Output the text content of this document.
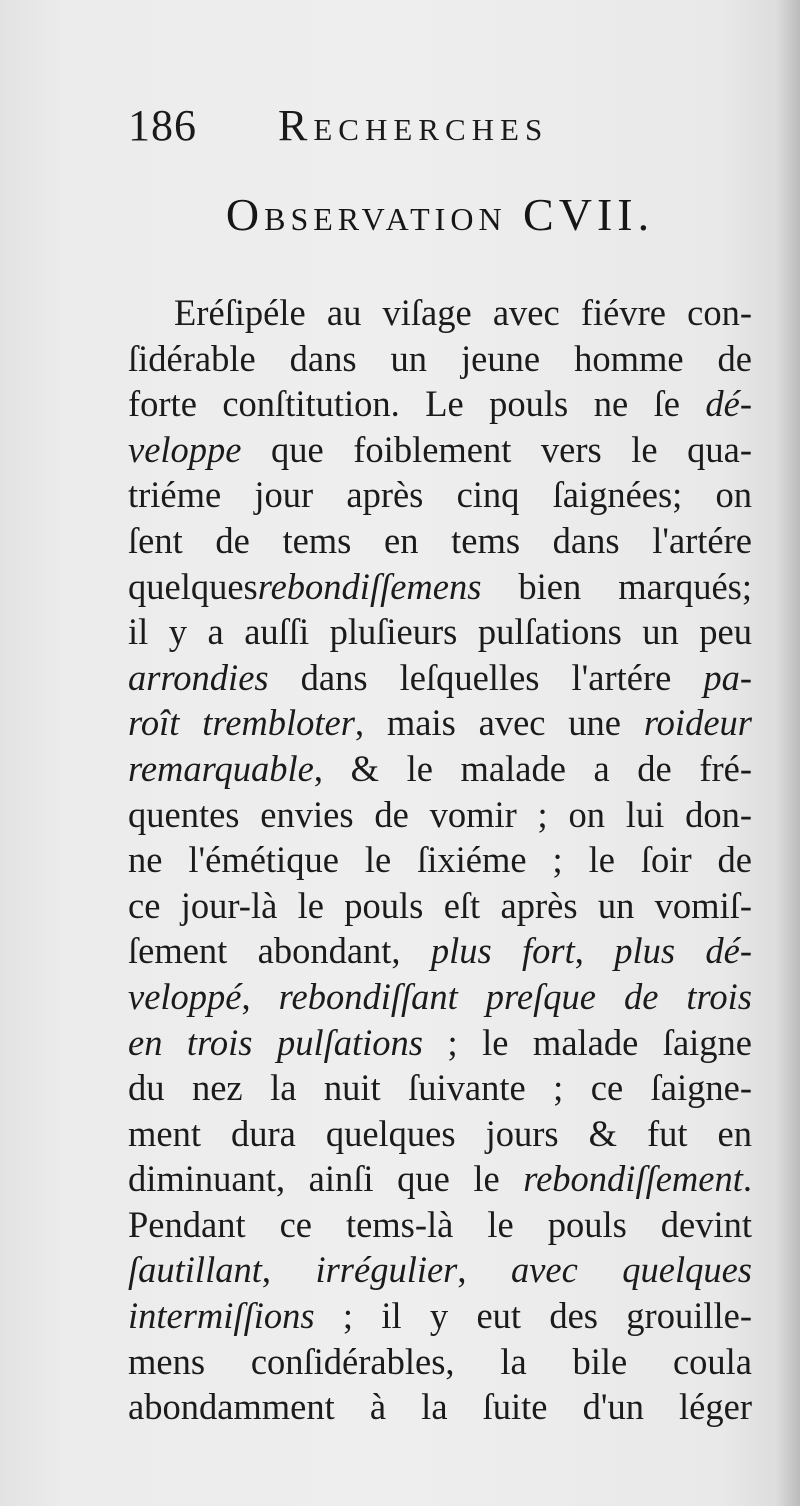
186 Recherches
Observation CVII.
Eréſipéle au viſage avec fiévre con-
ſidérable dans un jeune homme de
forte conſtitution. Le pouls ne ſe dé-
veloppe que foiblement vers le qua-
triéme jour après cinq ſaignées; on
ſent de tems en tems dans l'artére
quelquesrebondiſſemens bien marqués;
il y a auſſi pluſieurs pulſations un peu
arrondies dans leſquelles l'artére pa-
roît trembloter, mais avec une roideur
remarquable, & le malade a de fré-
quentes envies de vomir ; on lui don-
ne l'émétique le ſixiéme ; le ſoir de
ce jour-là le pouls eſt après un vomiſ-
ſement abondant, plus fort, plus dé-
veloppé, rebondiſſant preſque de trois
en trois pulſations ; le malade ſaigne
du nez la nuit ſuivante ; ce ſaigne-
ment dura quelques jours & fut en
diminuant, ainſi que le rebondiſſement.
Pendant ce tems-là le pouls devint
ſautillant, irrégulier, avec quelques
intermiſſions ; il y eut des grouille-
mens conſidérables, la bile coula
abondamment à la ſuite d'un léger
